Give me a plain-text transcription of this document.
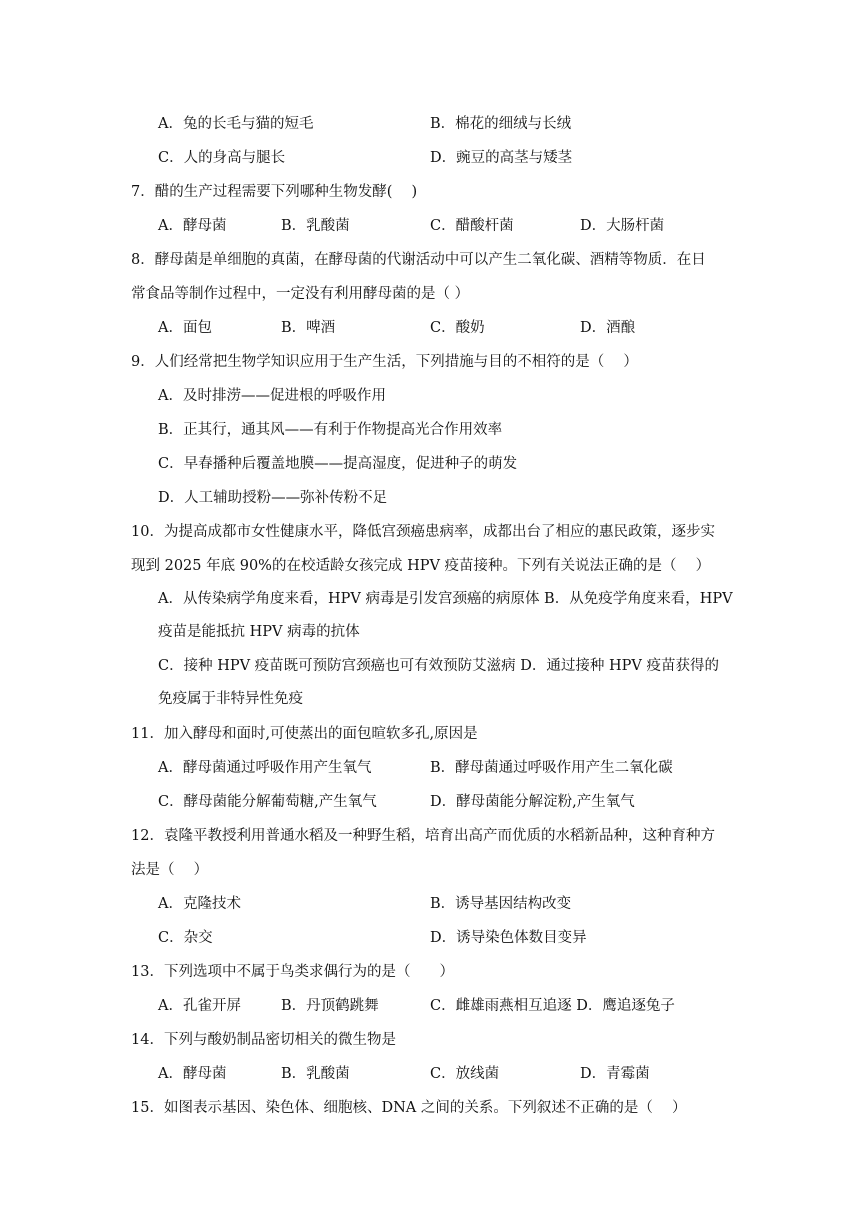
A．兔的长毛与猫的短毛	B．棉花的细绒与长绒
C．人的身高与腿长	D．豌豆的高茎与矮茎
7．醋的生产过程需要下列哪种生物发酵(　 )
A．酵母菌	B．乳酸菌	C．醋酸杆菌	D．大肠杆菌
8．酵母菌是单细胞的真菌，在酵母菌的代谢活动中可以产生二氧化碳、酒精等物质．在日
常食品等制作过程中，一定没有利用酵母菌的是（ ）
A．面包	B．啤酒	C．酸奶	D．酒酿
9．人们经常把生物学知识应用于生产生活，下列措施与目的不相符的是（　 ）
A．及时排涝——促进根的呼吸作用
B．正其行，通其风——有利于作物提高光合作用效率
C．早春播种后覆盖地膜——提高湿度，促进种子的萌发
D．人工辅助授粉——弥补传粉不足
10．为提高成都市女性健康水平，降低宫颈癌患病率，成都出台了相应的惠民政策，逐步实
现到 2025 年底 90%的在校适龄女孩完成 HPV 疫苗接种。下列有关说法正确的是（　 ）
A．从传染病学角度来看，HPV 病毒是引发宫颈癌的病原体 B．从免疫学角度来看，HPV
疫苗是能抵抗 HPV 病毒的抗体
C．接种 HPV 疫苗既可预防宫颈癌也可有效预防艾滋病 D．通过接种 HPV 疫苗获得的
免疫属于非特异性免疫
11．加入酵母和面时,可使蒸出的面包暄软多孔,原因是
A．酵母菌通过呼吸作用产生氧气	B．酵母菌通过呼吸作用产生二氧化碳
C．酵母菌能分解葡萄糖,产生氧气	D．酵母菌能分解淀粉,产生氧气
12．袁隆平教授利用普通水稻及一种野生稻，培育出高产而优质的水稻新品种，这种育种方
法是（　 ）
A．克隆技术	B．诱导基因结构改变
C．杂交	D．诱导染色体数目变异
13．下列选项中不属于鸟类求偶行为的是（　　）
A．孔雀开屏	B．丹顶鹤跳舞	C．雌雄雨燕相互追逐 D．鹰追逐兔子
14．下列与酸奶制品密切相关的微生物是
A．酵母菌	B．乳酸菌	C．放线菌	D．青霉菌
15．如图表示基因、染色体、细胞核、DNA 之间的关系。下列叙述不正确的是（　 ）
